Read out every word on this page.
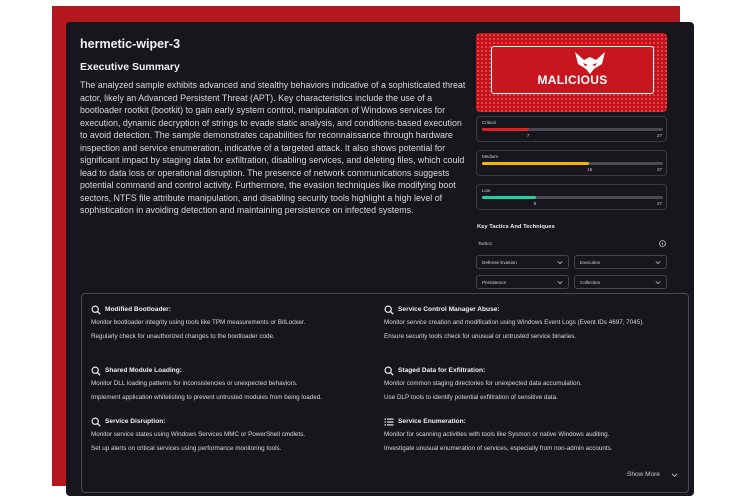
hermetic-wiper-3
Executive Summary
The analyzed sample exhibits advanced and stealthy behaviors indicative of a sophisticated threat actor, likely an Advanced Persistent Threat (APT). Key characteristics include the use of a bootloader rootkit (bootkit) to gain early system control, manipulation of Windows services for execution, dynamic decryption of strings to evade static analysis, and conditions-based execution to avoid detection. The sample demonstrates capabilities for reconnaissance through hardware inspection and service enumeration, indicative of a targeted attack. It also shows potential for significant impact by staging data for exfiltration, disabling services, and deleting files, which could lead to data loss or operational disruption. The presence of network communications suggests potential command and control activity. Furthermore, the evasion techniques like modifying boot sectors, NTFS file attribute manipulation, and disabling security tools highlight a high level of sophistication in avoiding detection and maintaining persistence on infected systems.
MALICIOUS
Critical
7	27
Medium
16	27
Low
8	27
Key Tactics And Techniques
Tactics
Defense Evasion	Execution
Persistence	Collection
Modified Bootloader:
Monitor bootloader integrity using tools like TPM measurements or BitLocker.
Regularly check for unauthorized changes to the bootloader code.
Service Control Manager Abuse:
Monitor service creation and modification using Windows Event Logs (Event IDs 4697, 7045).
Ensure security tools check for unusual or untrusted service binaries.
Shared Module Loading:
Monitor DLL loading patterns for inconsistencies or unexpected behaviors.
Implement application whitelisting to prevent untrusted modules from being loaded.
Staged Data for Exfiltration:
Monitor common staging directories for unexpected data accumulation.
Use DLP tools to identify potential exfiltration of sensitive data.
Service Disruption:
Monitor service states using Windows Services MMC or PowerShell cmdlets.
Set up alerts on critical services using performance monitoring tools.
Service Enumeration:
Monitor for scanning activities with tools like Sysmon or native Windows auditing.
Investigate unusual enumeration of services, especially from non-admin accounts.
Show More
